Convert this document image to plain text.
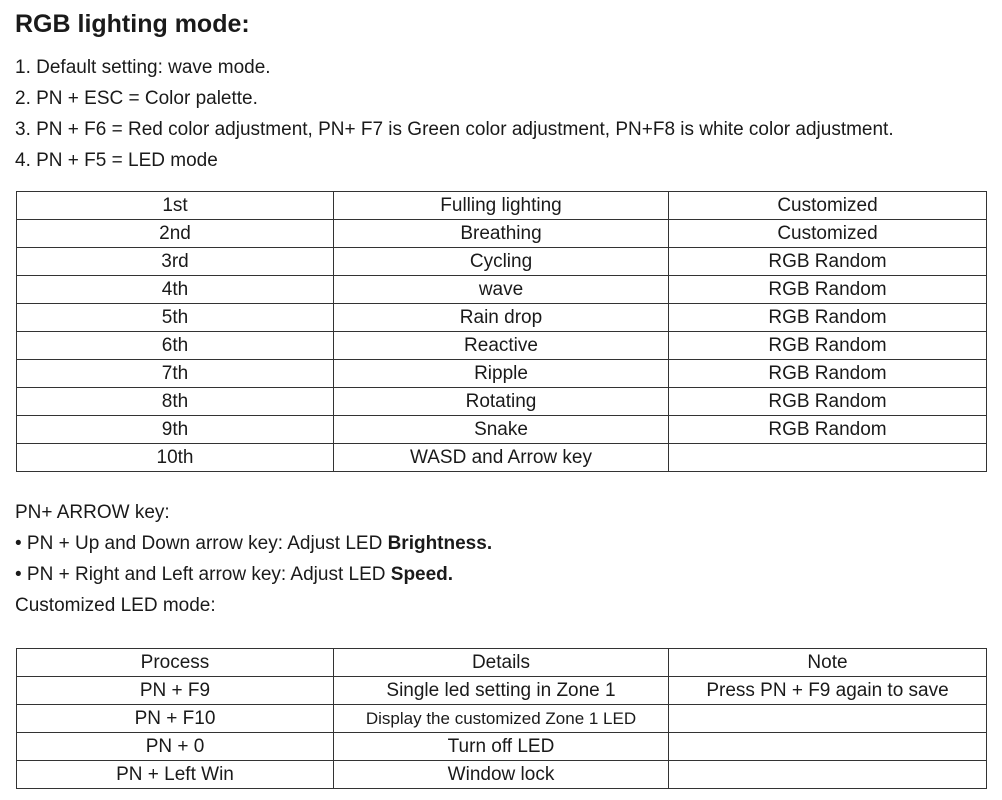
RGB lighting mode:
1. Default setting: wave mode.
2. PN + ESC = Color palette.
3. PN + F6 = Red color adjustment, PN+ F7 is Green color adjustment, PN+F8 is white color adjustment.
4. PN + F5 = LED mode
1st	Fulling lighting	Customized
2nd	Breathing	Customized
3rd	Cycling	RGB Random
4th	wave	RGB Random
5th	Rain drop	RGB Random
6th	Reactive	RGB Random
7th	Ripple	RGB Random
8th	Rotating	RGB Random
9th	Snake	RGB Random
10th	WASD and Arrow key	
PN+ ARROW key:
• PN + Up and Down arrow key: Adjust LED Brightness.
• PN + Right and Left arrow key: Adjust LED Speed.
Customized LED mode:
Process	Details	Note
PN + F9	Single led setting in Zone 1	Press PN + F9 again to save
PN + F10	Display the customized Zone 1 LED	
PN + 0	Turn off LED	
PN + Left Win	Window lock	
